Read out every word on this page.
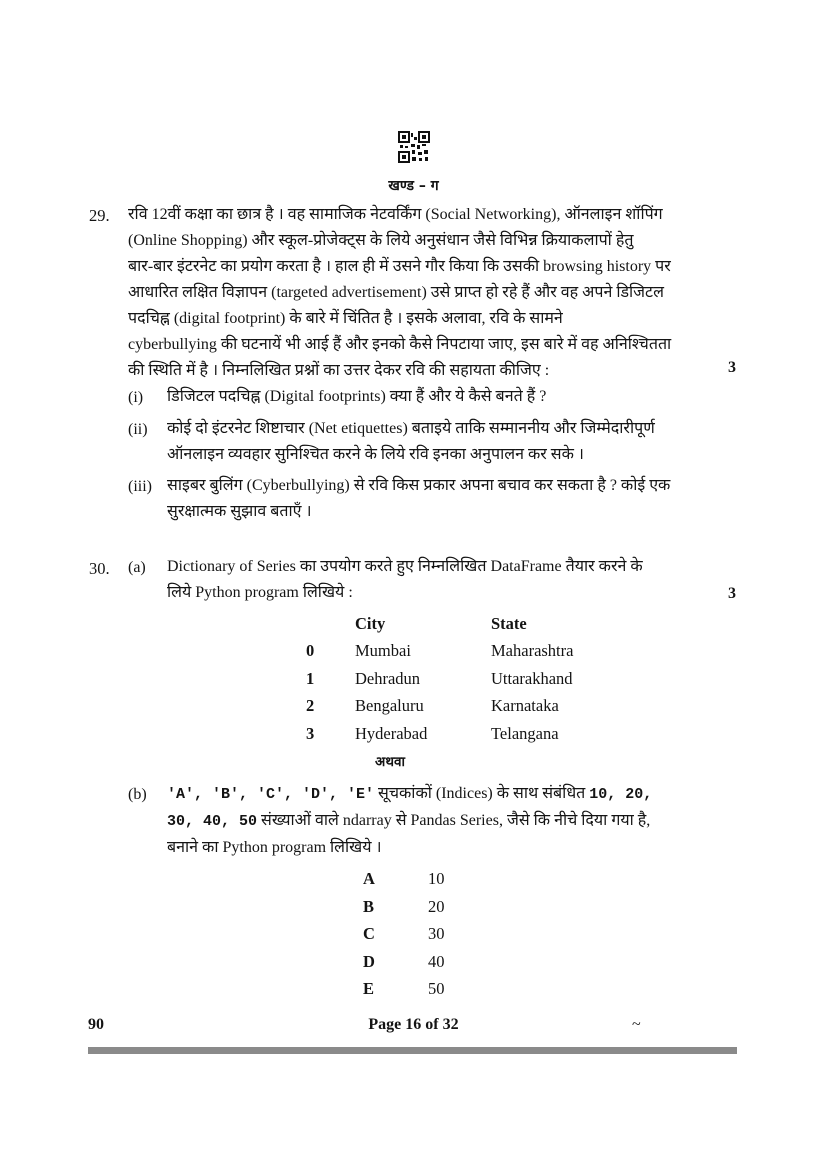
खण्ड – ग
29. रवि 12वीं कक्षा का छात्र है । वह सामाजिक नेटवर्किंग (Social Networking), ऑनलाइन शॉपिंग
(Online Shopping) और स्कूल-प्रोजेक्ट्स के लिये अनुसंधान जैसे विभिन्न क्रियाकलापों हेतु
बार-बार इंटरनेट का प्रयोग करता है । हाल ही में उसने गौर किया कि उसकी browsing history पर
आधारित लक्षित विज्ञापन (targeted advertisement) उसे प्राप्त हो रहे हैं और वह अपने डिजिटल
पदचिह्न (digital footprint) के बारे में चिंतित है । इसके अलावा, रवि के सामने
cyberbullying की घटनायें भी आई हैं और इनको कैसे निपटाया जाए, इस बारे में वह अनिश्चितता
की स्थिति में है । निम्नलिखित प्रश्नों का उत्तर देकर रवि की सहायता कीजिए :	3
(i) डिजिटल पदचिह्न (Digital footprints) क्या हैं और ये कैसे बनते हैं ?
(ii) कोई दो इंटरनेट शिष्टाचार (Net etiquettes) बताइये ताकि सम्माननीय और जिम्मेदारीपूर्ण
ऑनलाइन व्यवहार सुनिश्चित करने के लिये रवि इनका अनुपालन कर सके ।
(iii) साइबर बुलिंग (Cyberbullying) से रवि किस प्रकार अपना बचाव कर सकता है ? कोई एक
सुरक्षात्मक सुझाव बताएँ ।
30. (a) Dictionary of Series का उपयोग करते हुए निम्नलिखित DataFrame तैयार करने के
लिये Python program लिखिये :	3
City	State
0 Mumbai	Maharashtra
1 Dehradun	Uttarakhand
2 Bengaluru	Karnataka
3 Hyderabad	Telangana
अथवा
(b) 'A', 'B', 'C', 'D', 'E' सूचकांकों (Indices) के साथ संबंधित 10, 20,
30, 40, 50 संख्याओं वाले ndarray से Pandas Series, जैसे कि नीचे दिया गया है,
बनाने का Python program लिखिये ।
A	10
B	20
C	30
D	40
E	50
90	Page 16 of 32	~
